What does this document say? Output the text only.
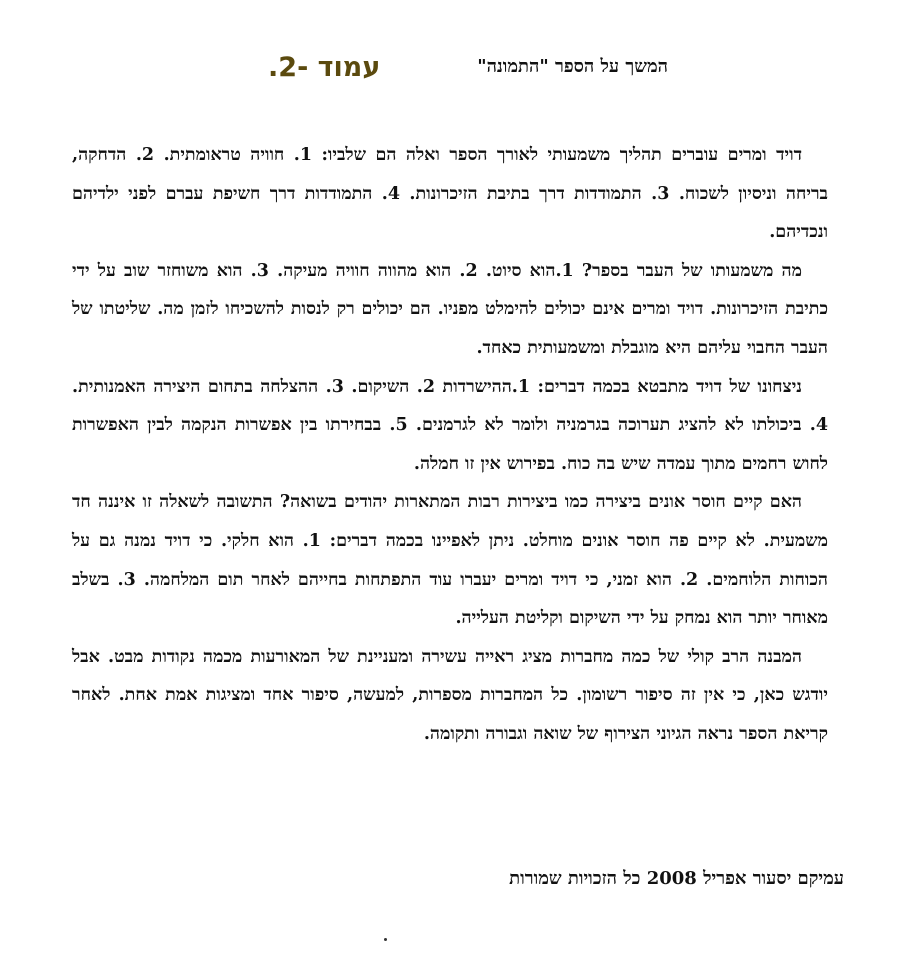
עמוד -2.	המשך על הספר "התמונה"

דויד ומרים עוברים תהליך משמעותי לאורך הספר ואלה הם שלביו: 1. חוויה טראומתית. 2. הדחקה, בריחה וניסיון לשכוח. 3. התמודדות דרך בתיבת הזיכרונות. 4. התמודדות דרך חשיפת עברם לפני ילדיהם ונכדיהם.

מה משמעותו של העבר בספר? 1.הוא סיוט. 2. הוא מהווה חוויה מעיקה. 3. הוא משוחזר שוב על ידי כתיבת הזיכרונות. דויד ומרים אינם יכולים להימלט מפניו. הם יכולים רק לנסות להשכיחו לזמן מה. שליטתו של העבר החבוי עליהם היא מוגבלת ומשמעותית כאחד.

ניצחונו של דויד מתבטא בכמה דברים: 1.ההישרדות 2. השיקום. 3. ההצלחה בתחום היצירה האמנותית. 4. ביכולתו לא להציג תערוכה בגרמניה ולומר לא לגרמנים. 5. בבחירתו בין אפשרות הנקמה לבין האפשרות לחוש רחמים מתוך עמדה שיש בה כוח. בפירוש אין זו חמלה.

האם קיים חוסר אונים ביצירה כמו ביצירות רבות המתארות יהודים בשואה? התשובה לשאלה זו איננה חד משמעית. לא קיים פה חוסר אונים מוחלט. ניתן לאפיינו בכמה דברים: 1. הוא חלקי. כי דויד נמנה גם על הכוחות הלוחמים. 2. הוא זמני, כי דויד ומרים יעברו עוד התפתחות בחייהם לאחר תום המלחמה. 3. בשלב מאוחר יותר הוא נמחק על ידי השיקום וקליטת העלייה.

המבנה הרב קולי של כמה מחברות מציג ראייה עשירה ומעניינת של המאורעות מכמה נקודות מבט. אבל יודגש כאן, כי אין זה סיפור רשומון. כל המחברות מספרות, למעשה, סיפור אחד ומציגות אמת אחת. לאחר קריאת הספר נראה הגיוני הצירוף של שואה וגבורה ותקומה.

עמיקם יסעור אפריל 2008 כל הזכויות שמורות
